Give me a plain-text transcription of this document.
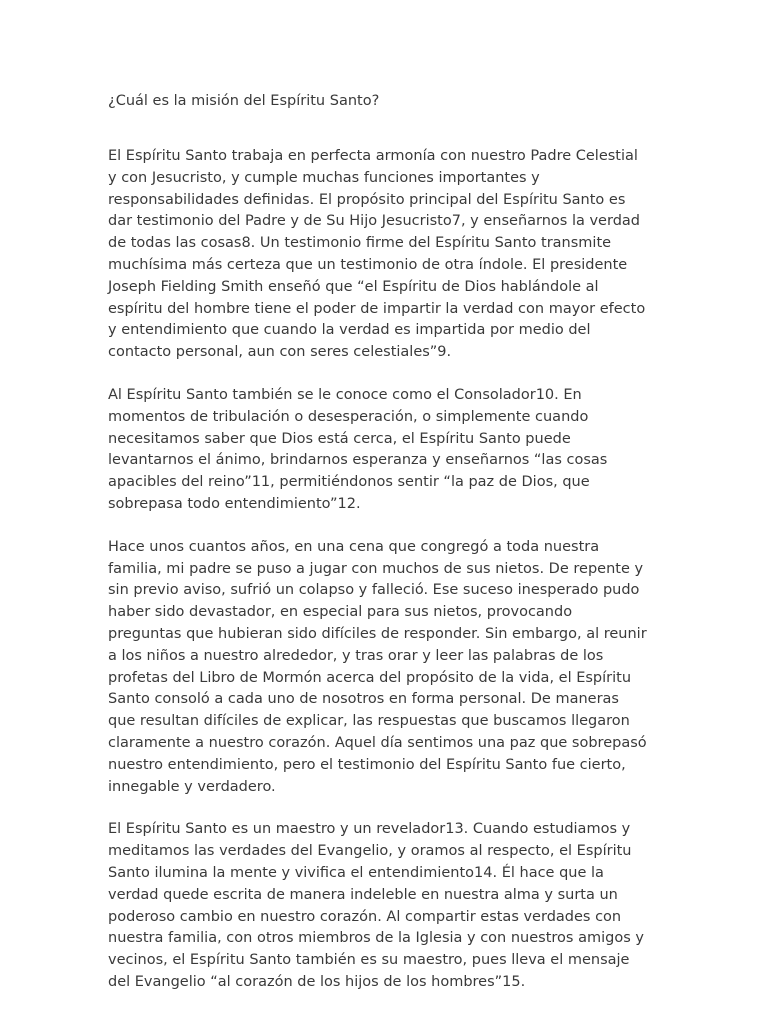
¿Cuál es la misión del Espíritu Santo?

El Espíritu Santo trabaja en perfecta armonía con nuestro Padre Celestial y con Jesucristo, y cumple muchas funciones importantes y responsabilidades definidas. El propósito principal del Espíritu Santo es dar testimonio del Padre y de Su Hijo Jesucristo7, y enseñarnos la verdad de todas las cosas8. Un testimonio firme del Espíritu Santo transmite muchísima más certeza que un testimonio de otra índole. El presidente Joseph Fielding Smith enseñó que “el Espíritu de Dios hablándole al espíritu del hombre tiene el poder de impartir la verdad con mayor efecto y entendimiento que cuando la verdad es impartida por medio del contacto personal, aun con seres celestiales”9.

Al Espíritu Santo también se le conoce como el Consolador10. En momentos de tribulación o desesperación, o simplemente cuando necesitamos saber que Dios está cerca, el Espíritu Santo puede levantarnos el ánimo, brindarnos esperanza y enseñarnos “las cosas apacibles del reino”11, permitiéndonos sentir “la paz de Dios, que sobrepasa todo entendimiento”12.

Hace unos cuantos años, en una cena que congregó a toda nuestra familia, mi padre se puso a jugar con muchos de sus nietos. De repente y sin previo aviso, sufrió un colapso y falleció. Ese suceso inesperado pudo haber sido devastador, en especial para sus nietos, provocando preguntas que hubieran sido difíciles de responder. Sin embargo, al reunir a los niños a nuestro alrededor, y tras orar y leer las palabras de los profetas del Libro de Mormón acerca del propósito de la vida, el Espíritu Santo consoló a cada uno de nosotros en forma personal. De maneras que resultan difíciles de explicar, las respuestas que buscamos llegaron claramente a nuestro corazón. Aquel día sentimos una paz que sobrepasó nuestro entendimiento, pero el testimonio del Espíritu Santo fue cierto, innegable y verdadero.

El Espíritu Santo es un maestro y un revelador13. Cuando estudiamos y meditamos las verdades del Evangelio, y oramos al respecto, el Espíritu Santo ilumina la mente y vivifica el entendimiento14. Él hace que la verdad quede escrita de manera indeleble en nuestra alma y surta un poderoso cambio en nuestro corazón. Al compartir estas verdades con nuestra familia, con otros miembros de la Iglesia y con nuestros amigos y vecinos, el Espíritu Santo también es su maestro, pues lleva el mensaje del Evangelio “al corazón de los hijos de los hombres”15.
